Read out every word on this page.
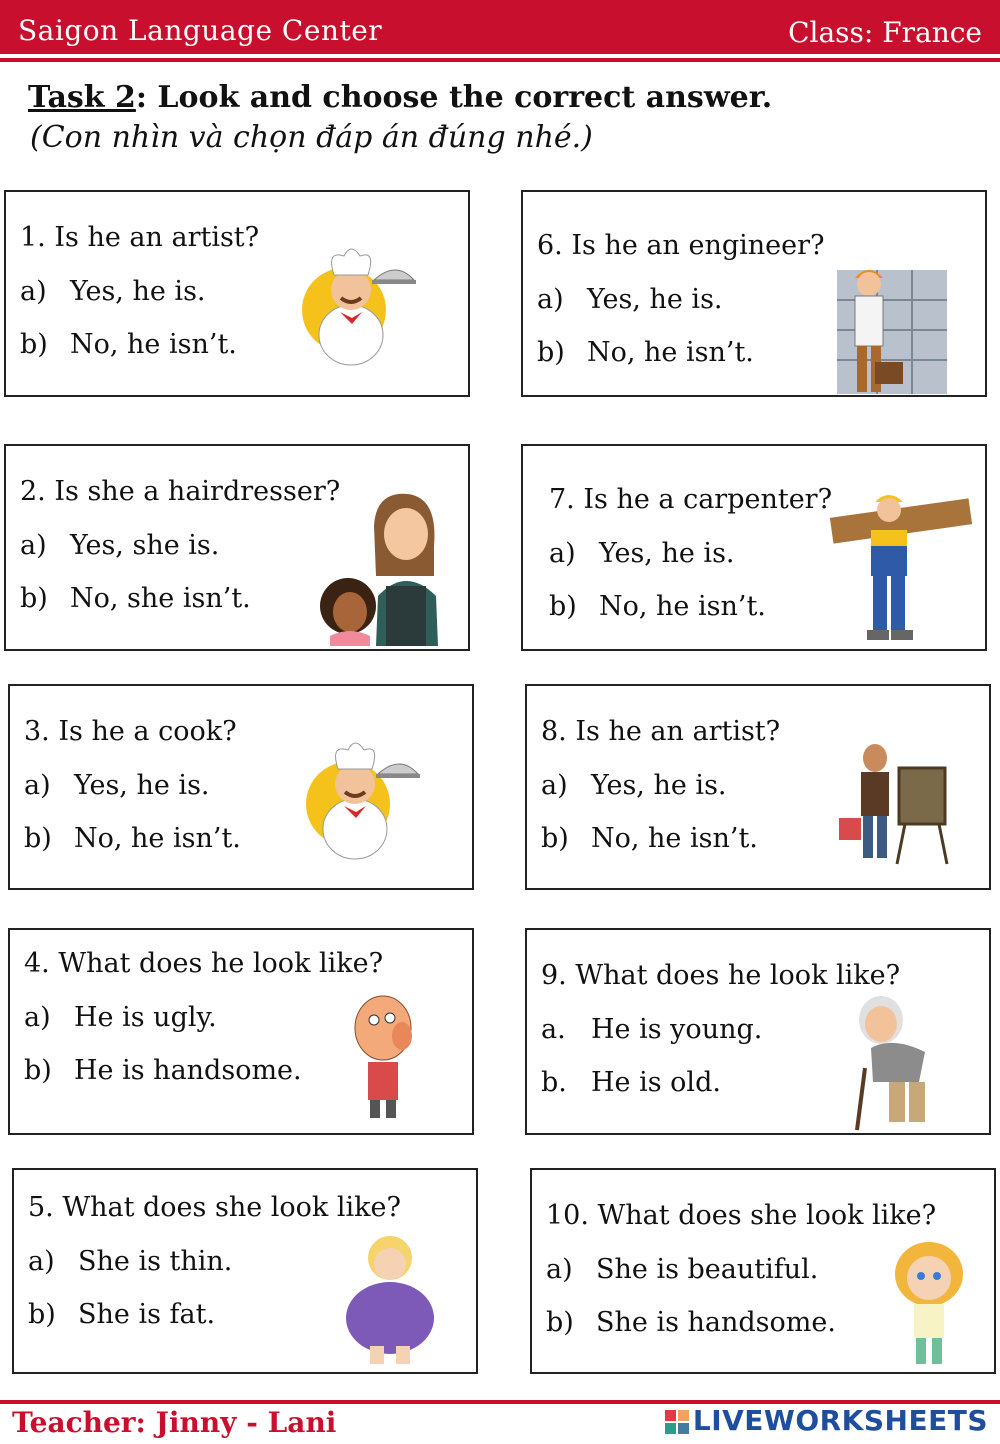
Saigon Language Center	Class: France
Task 2: Look and choose the correct answer.
(Con nhìn và chọn đáp án đúng nhé.)
1. Is he an artist?
a) Yes, he is.
b) No, he isn’t.
2. Is she a hairdresser?
a) Yes, she is.
b) No, she isn’t.
3. Is he a cook?
a) Yes, he is.
b) No, he isn’t.
4. What does he look like?
a) He is ugly.
b) He is handsome.
5. What does she look like?
a) She is thin.
b) She is fat.
6. Is he an engineer?
a) Yes, he is.
b) No, he isn’t.
7. Is he a carpenter?
a) Yes, he is.
b) No, he isn’t.
8. Is he an artist?
a) Yes, he is.
b) No, he isn’t.
9. What does he look like?
a. He is young.
b. He is old.
10. What does she look like?
a) She is beautiful.
b) She is handsome.
Teacher: Jinny - Lani	LIVEWORKSHEETS
